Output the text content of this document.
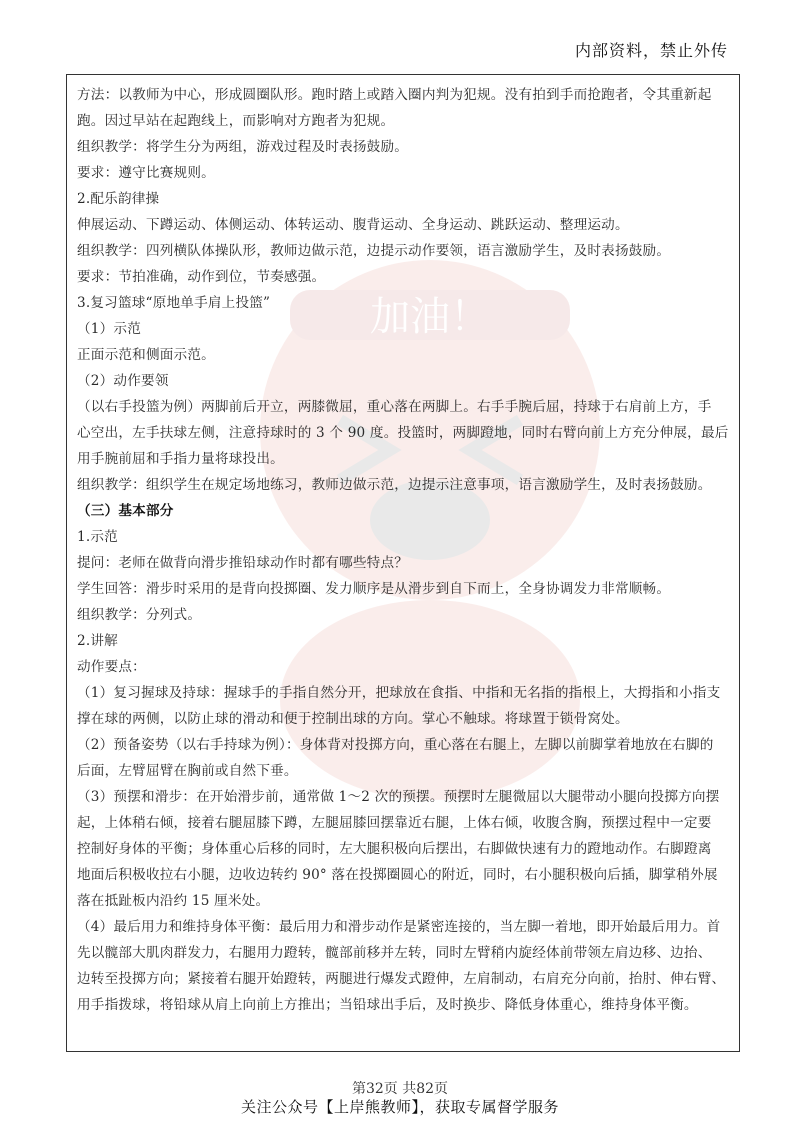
内部资料，禁止外传
加油！
方法：以教师为中心，形成圆圈队形。跑时踏上或踏入圈内判为犯规。没有拍到手而抢跑者，令其重新起
跑。因过早站在起跑线上，而影响对方跑者为犯规。
组织教学：将学生分为两组，游戏过程及时表扬鼓励。
要求：遵守比赛规则。
2.配乐韵律操
伸展运动、下蹲运动、体侧运动、体转运动、腹背运动、全身运动、跳跃运动、整理运动。
组织教学：四列横队体操队形，教师边做示范，边提示动作要领，语言激励学生，及时表扬鼓励。
要求：节拍准确，动作到位，节奏感强。
3.复习篮球“原地单手肩上投篮”
（1）示范
正面示范和侧面示范。
（2）动作要领
（以右手投篮为例）两脚前后开立，两膝微屈，重心落在两脚上。右手手腕后屈，持球于右肩前上方，手
心空出，左手扶球左侧，注意持球时的 3 个 90 度。投篮时，两脚蹬地，同时右臂向前上方充分伸展，最后
用手腕前屈和手指力量将球投出。
组织教学：组织学生在规定场地练习，教师边做示范，边提示注意事项，语言激励学生，及时表扬鼓励。
（三）基本部分
1.示范
提问：老师在做背向滑步推铅球动作时都有哪些特点？
学生回答：滑步时采用的是背向投掷圈、发力顺序是从滑步到自下而上，全身协调发力非常顺畅。
组织教学：分列式。
2.讲解
动作要点：
（1）复习握球及持球：握球手的手指自然分开，把球放在食指、中指和无名指的指根上，大拇指和小指支
撑在球的两侧，以防止球的滑动和便于控制出球的方向。掌心不触球。将球置于锁骨窝处。
（2）预备姿势（以右手持球为例）：身体背对投掷方向，重心落在右腿上，左脚以前脚掌着地放在右脚的
后面，左臂屈臂在胸前或自然下垂。
（3）预摆和滑步：在开始滑步前，通常做 1～2 次的预摆。预摆时左腿微屈以大腿带动小腿向投掷方向摆
起，上体稍右倾，接着右腿屈膝下蹲，左腿屈膝回摆靠近右腿，上体右倾，收腹含胸，预摆过程中一定要
控制好身体的平衡；身体重心后移的同时，左大腿积极向后摆出，右脚做快速有力的蹬地动作。右脚蹬离
地面后积极收拉右小腿，边收边转约 90° 落在投掷圈圆心的附近，同时，右小腿积极向后插，脚掌稍外展
落在抵趾板内沿约 15 厘米处。
（4）最后用力和维持身体平衡：最后用力和滑步动作是紧密连接的，当左脚一着地，即开始最后用力。首
先以髋部大肌肉群发力，右腿用力蹬转，髋部前移并左转，同时左臂稍内旋经体前带领左肩边移、边抬、
边转至投掷方向；紧接着右腿开始蹬转，两腿进行爆发式蹬伸，左肩制动，右肩充分向前，抬肘、伸右臂、
用手指拨球，将铅球从肩上向前上方推出；当铅球出手后，及时换步、降低身体重心，维持身体平衡。
第32页 共82页
关注公众号【上岸熊教师】，获取专属督学服务
